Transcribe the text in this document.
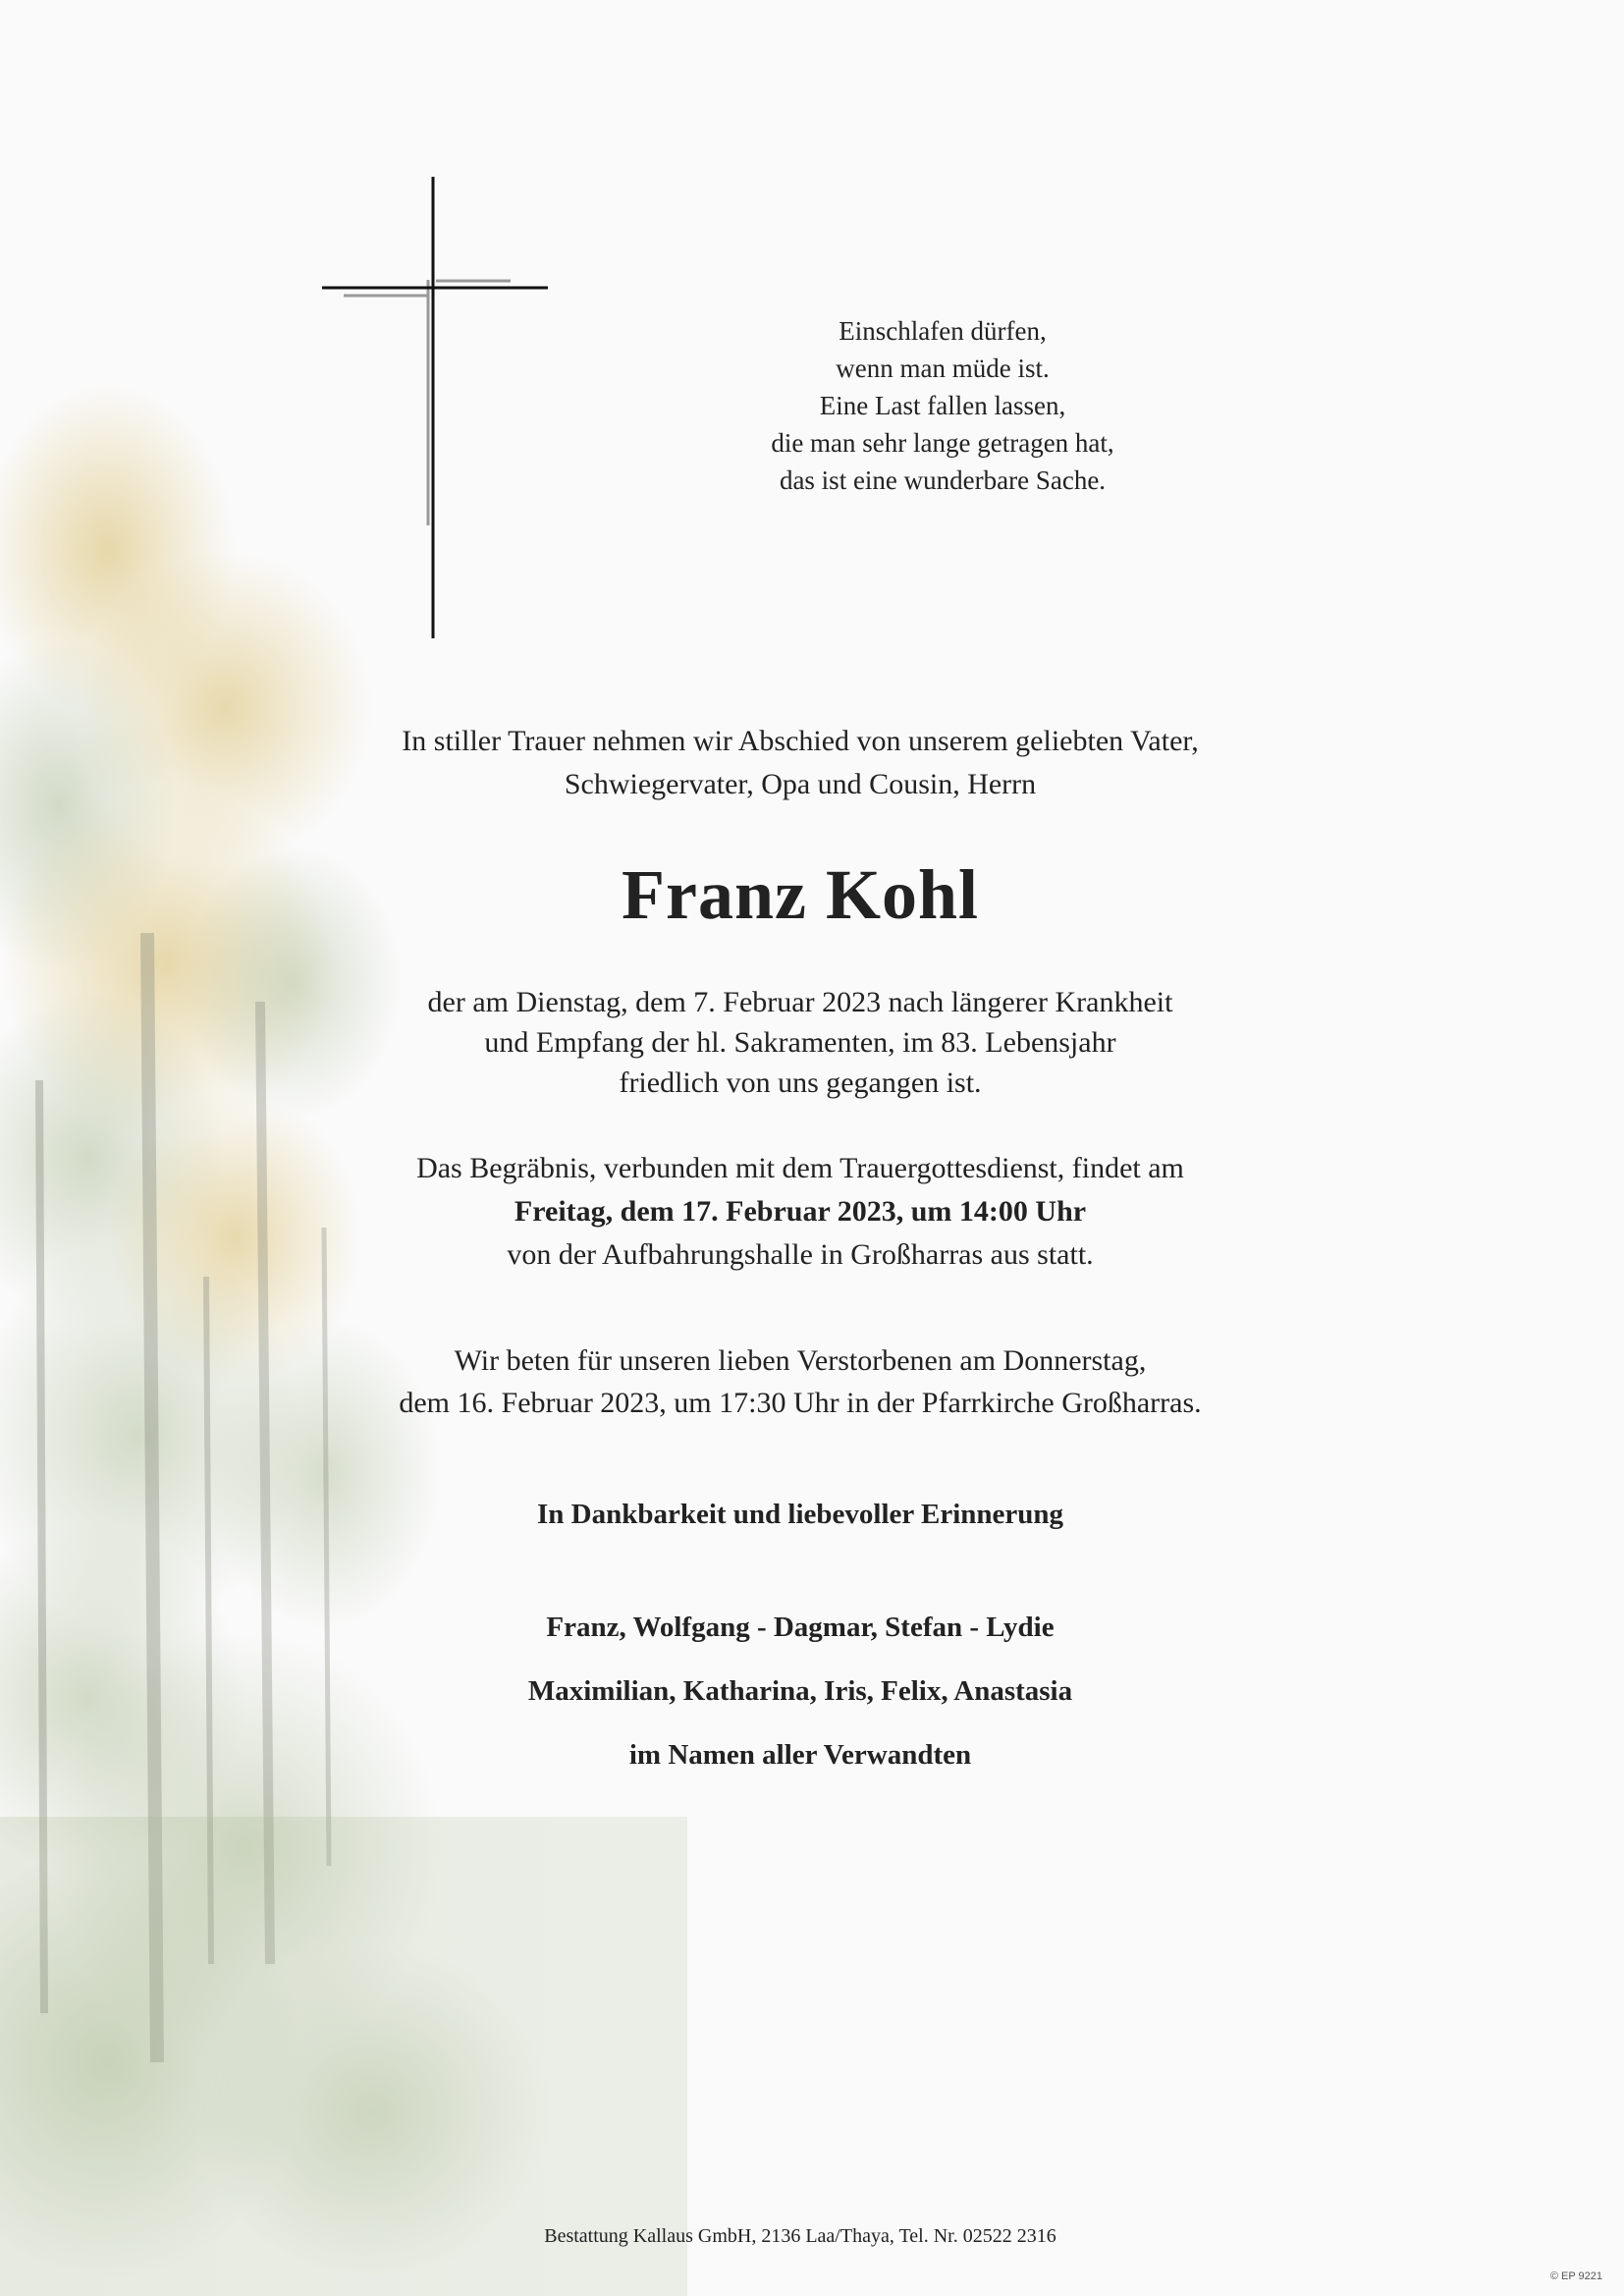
Einschlafen dürfen,
wenn man müde ist.
Eine Last fallen lassen,
die man sehr lange getragen hat,
das ist eine wunderbare Sache.
In stiller Trauer nehmen wir Abschied von unserem geliebten Vater,
Schwiegervater, Opa und Cousin, Herrn
Franz Kohl
der am Dienstag, dem 7. Februar 2023 nach längerer Krankheit
und Empfang der hl. Sakramenten, im 83. Lebensjahr
friedlich von uns gegangen ist.
Das Begräbnis, verbunden mit dem Trauergottesdienst, findet am
Freitag, dem 17. Februar 2023, um 14:00 Uhr
von der Aufbahrungshalle in Großharras aus statt.
Wir beten für unseren lieben Verstorbenen am Donnerstag,
dem 16. Februar 2023, um 17:30 Uhr in der Pfarrkirche Großharras.
In Dankbarkeit und liebevoller Erinnerung
Franz, Wolfgang - Dagmar, Stefan - Lydie
Maximilian, Katharina, Iris, Felix, Anastasia
im Namen aller Verwandten
Bestattung Kallaus GmbH, 2136 Laa/Thaya, Tel. Nr. 02522 2316
© EP 9221
